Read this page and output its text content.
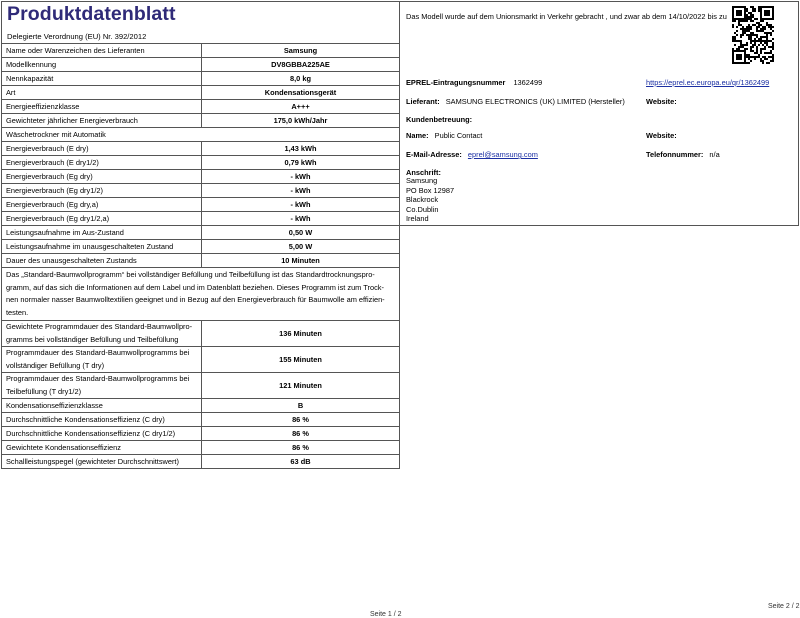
Produktdatenblatt
Delegierte Verordnung (EU) Nr. 392/2012
Name oder Warenzeichen des Lieferanten	Samsung
Modellkennung	DV8GBBA225AE
Nennkapazität	8,0 kg
Art	Kondensationsgerät
Energieeffizienzklasse	A+++
Gewichteter jährlicher Energieverbrauch	175,0 kWh/Jahr
Wäschetrockner mit Automatik	
Energieverbrauch (E dry)	1,43 kWh
Energieverbrauch (E dry1/2)	0,79 kWh
Energieverbrauch (Eg dry)	- kWh
Energieverbrauch (Eg dry1/2)	- kWh
Energieverbrauch (Eg dry,a)	- kWh
Energieverbrauch (Eg dry1/2,a)	- kWh
Leistungsaufnahme im Aus-Zustand	0,50 W
Leistungsaufnahme im unausgeschalteten Zustand	5,00 W
Dauer des unausgeschalteten Zustands	10 Minuten
Das „Standard-Baumwollprogramm“ bei vollständiger Befüllung und Teilbefüllung ist das Standardtrocknungspro-gramm, auf das sich die Informationen auf dem Label und im Datenblatt beziehen. Dieses Programm ist zum Trock-nen normaler nasser Baumwolltextilien geeignet und in Bezug auf den Energieverbrauch für Baumwolle am effizien-testen.	
Gewichtete Programmdauer des Standard-Baumwollpro-gramms bei vollständiger Befüllung und Teilbefüllung	136 Minuten
Programmdauer des Standard-Baumwollprogramms bei vollständiger Befüllung (T dry)	155 Minuten
Programmdauer des Standard-Baumwollprogramms bei Teilbefüllung (T dry1/2)	121 Minuten
Kondensationseffizienzklasse	B
Durchschnittliche Kondensationseffizienz (C dry)	86 %
Durchschnittliche Kondensationseffizienz (C dry1/2)	86 %
Gewichtete Kondensationseffizienz	86 %
Schallleistungspegel (gewichteter Durchschnittswert)	63 dB
Das Modell wurde auf dem Unionsmarkt in Verkehr gebracht , und zwar ab dem 14/10/2022 bis zu
EPREL-Eintragungsnummer 1362499	https://eprel.ec.europa.eu/qr/1362499
Lieferant: SAMSUNG ELECTRONICS (UK) LIMITED (Hersteller)	Website:
Kundenbetreuung:
Name: Public Contact	Website:
E-Mail-Adresse: eprel@samsung.com	Telefonnummer: n/a
Anschrift:
Samsung
PO Box 12987
Blackrock
Co.Dublin
Ireland
Seite 1 / 2
Seite 2 / 2
